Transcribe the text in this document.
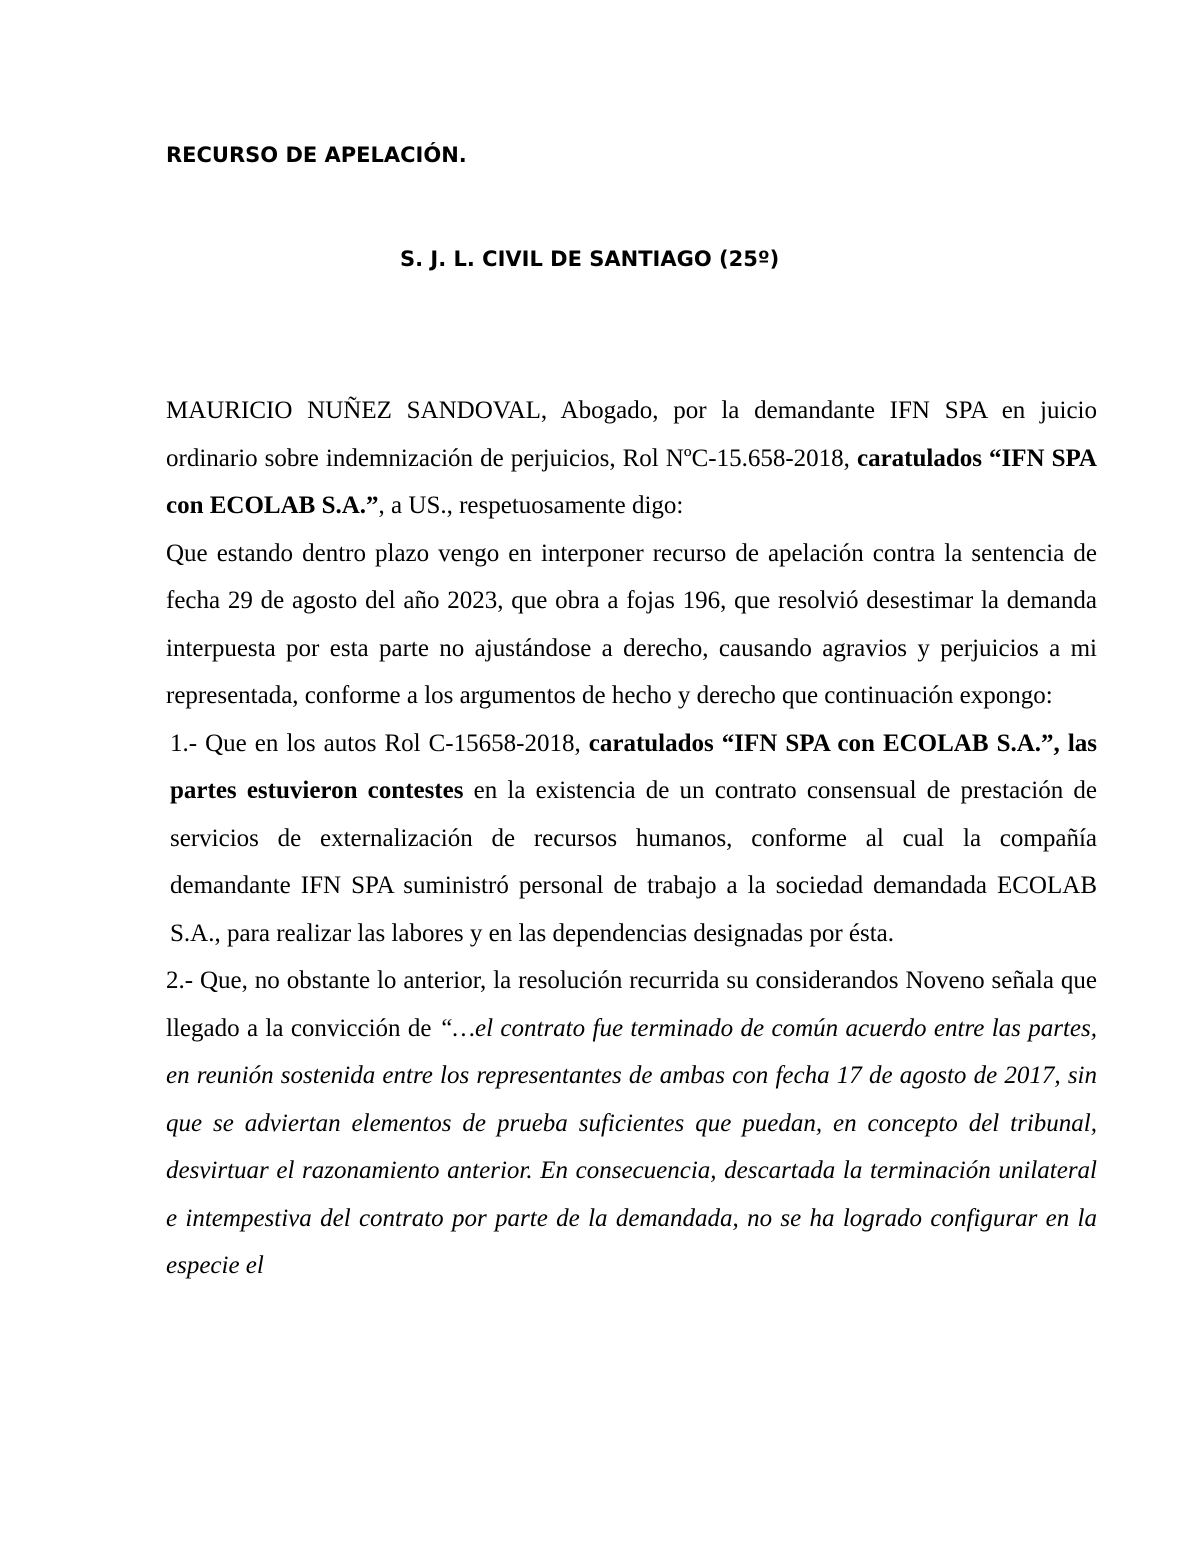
RECURSO DE APELACIÓN.
S. J. L. CIVIL DE SANTIAGO (25º)

MAURICIO NUÑEZ SANDOVAL, Abogado, por la demandante IFN SPA en juicio ordinario sobre indemnización de perjuicios, Rol NºC-15.658-2018, caratulados “IFN SPA con ECOLAB S.A.”, a US., respetuosamente digo:

Que estando dentro plazo vengo en interponer recurso de apelación contra la sentencia de fecha 29 de agosto del año 2023, que obra a fojas 196, que resolvió desestimar la demanda interpuesta por esta parte no ajustándose a derecho, causando agravios y perjuicios a mi representada, conforme a los argumentos de hecho y derecho que continuación expongo:

1.- Que en los autos Rol C-15658-2018, caratulados “IFN SPA con ECOLAB S.A.”, las partes estuvieron contestes en la existencia de un contrato consensual de prestación de servicios de externalización de recursos humanos, conforme al cual la compañía demandante IFN SPA suministró personal de trabajo a la sociedad demandada ECOLAB S.A., para realizar las labores y en las dependencias designadas por ésta.

2.- Que, no obstante lo anterior, la resolución recurrida su considerandos Noveno señala que llegado a la convicción de “…el contrato fue terminado de común acuerdo entre las partes, en reunión sostenida entre los representantes de ambas con fecha 17 de agosto de 2017, sin que se adviertan elementos de prueba suficientes que puedan, en concepto del tribunal, desvirtuar el razonamiento anterior. En consecuencia, descartada la terminación unilateral e intempestiva del contrato por parte de la demandada, no se ha logrado configurar en la especie el
